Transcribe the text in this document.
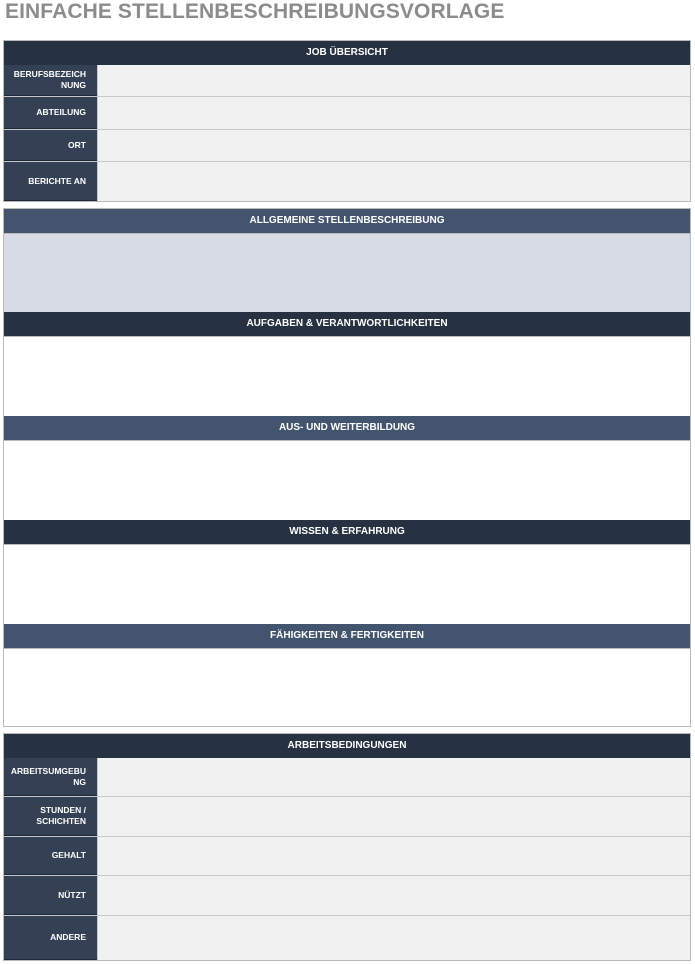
EINFACHE STELLENBESCHREIBUNGSVORLAGE
JOB ÜBERSICHT
BERUFSBEZEICHNUNG
ABTEILUNG
ORT
BERICHTE AN
ALLGEMEINE STELLENBESCHREIBUNG
AUFGABEN & VERANTWORTLICHKEITEN
AUS- UND WEITERBILDUNG
WISSEN & ERFAHRUNG
FÄHIGKEITEN & FERTIGKEITEN
ARBEITSBEDINGUNGEN
ARBEITSUMGEBUNG
STUNDEN / SCHICHTEN
GEHALT
NÜTZT
ANDERE
